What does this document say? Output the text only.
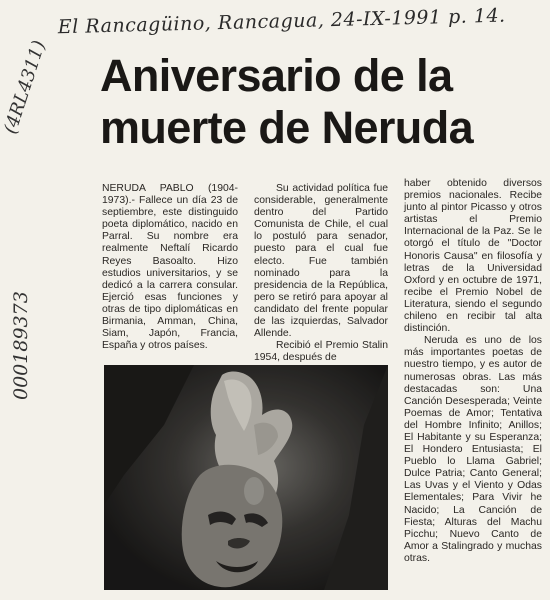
El Rancagüino, Rancagua, 24-IX-1991 p. 14.
(4RL4311)
000189373
Aniversario de la
muerte de Neruda

NERUDA PABLO (1904-1973).- Fallece un día 23 de septiembre, este distinguido poeta diplomático, nacido en Parral. Su nombre era realmente Neftalí Ricardo Reyes Basoalto. Hizo estudios universitarios, y se dedicó a la carrera consular. Ejerció esas funciones y otras de tipo diplomáticas en Birmania, Amman, China, Siam, Japón, Francia, España y otros países.

Su actividad política fue considerable, generalmente dentro del Partido Comunista de Chile, el cual lo postuló para senador, puesto para el cual fue electo. Fue también nominado para la presidencia de la República, pero se retiró para apoyar al candidato del frente popular de las izquierdas, Salvador Allende.

Recibió el Premio Stalin 1954, después de

haber obtenido diversos premios nacionales. Recibe junto al pintor Picasso y otros artistas el Premio Internacional de la Paz. Se le otorgó el título de "Doctor Honoris Causa" en filosofía y letras de la Universidad Oxford y en octubre de 1971, recibe el Premio Nobel de Literatura, siendo el segundo chileno en recibir tal alta distinción.

Neruda es uno de los más importantes poetas de nuestro tiempo, y es autor de numerosas obras. Las más destacadas son: Una Canción Desesperada; Veinte Poemas de Amor; Tentativa del Hombre Infinito; Anillos; El Habitante y su Esperanza; El Hondero Entusiasta; El Pueblo lo Llama Gabriel; Dulce Patria; Canto General; Las Uvas y el Viento y Odas Elementales; Para Vivir he Nacido; La Canción de Fiesta; Alturas del Machu Picchu; Nuevo Canto de Amor a Stalingrado y muchas otras.
